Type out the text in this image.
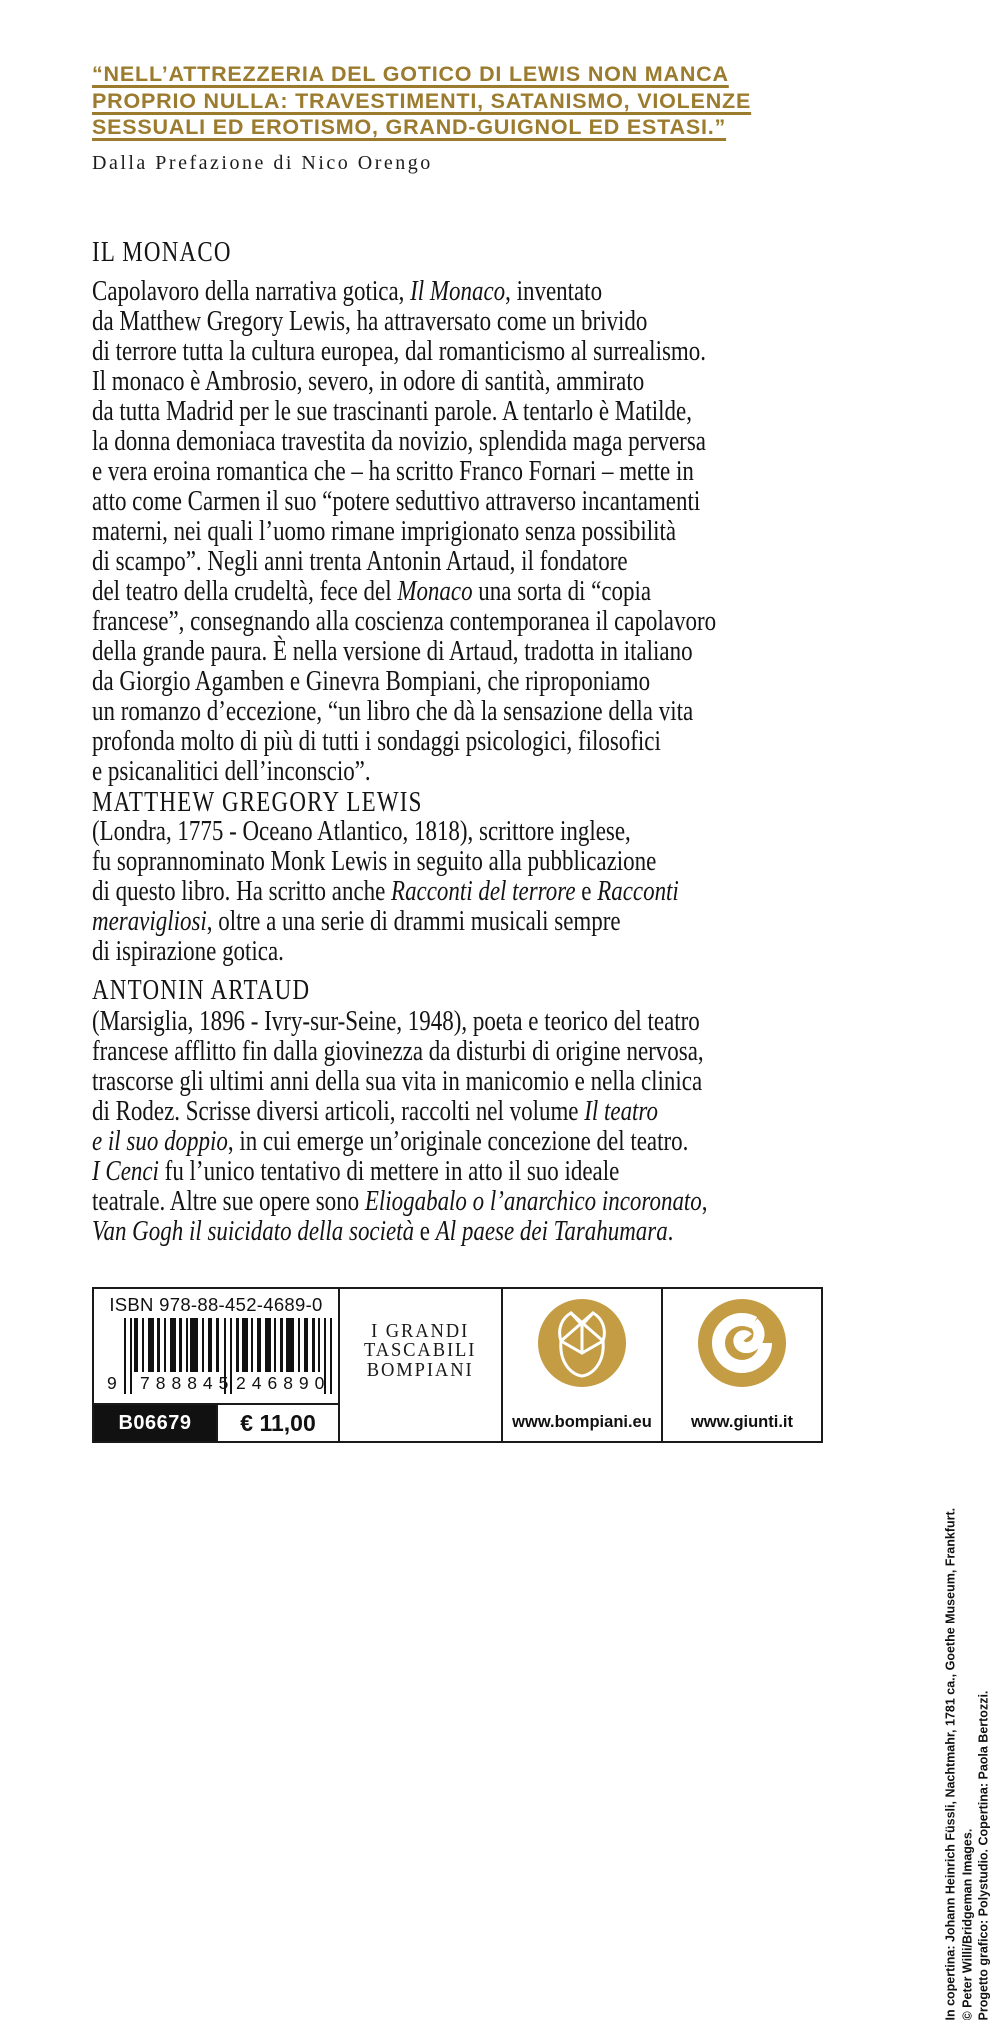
“NELL’ATTREZZERIA DEL GOTICO DI LEWIS NON MANCA
PROPRIO NULLA: TRAVESTIMENTI, SATANISMO, VIOLENZE
SESSUALI ED EROTISMO, GRAND-GUIGNOL ED ESTASI.”
Dalla Prefazione di Nico Orengo
IL MONACO
Capolavoro della narrativa gotica, Il Monaco, inventato
da Matthew Gregory Lewis, ha attraversato come un brivido
di terrore tutta la cultura europea, dal romanticismo al surrealismo.
Il monaco è Ambrosio, severo, in odore di santità, ammirato
da tutta Madrid per le sue trascinanti parole. A tentarlo è Matilde,
la donna demoniaca travestita da novizio, splendida maga perversa
e vera eroina romantica che – ha scritto Franco Fornari – mette in
atto come Carmen il suo “potere seduttivo attraverso incantamenti
materni, nei quali l’uomo rimane imprigionato senza possibilità
di scampo”. Negli anni trenta Antonin Artaud, il fondatore
del teatro della crudeltà, fece del Monaco una sorta di “copia
francese”, consegnando alla coscienza contemporanea il capolavoro
della grande paura. È nella versione di Artaud, tradotta in italiano
da Giorgio Agamben e Ginevra Bompiani, che riproponiamo
un romanzo d’eccezione, “un libro che dà la sensazione della vita
profonda molto di più di tutti i sondaggi psicologici, filosofici
e psicanalitici dell’inconscio”.
MATTHEW GREGORY LEWIS
(Londra, 1775 - Oceano Atlantico, 1818), scrittore inglese,
fu soprannominato Monk Lewis in seguito alla pubblicazione
di questo libro. Ha scritto anche Racconti del terrore e Racconti
meravigliosi, oltre a una serie di drammi musicali sempre
di ispirazione gotica.
ANTONIN ARTAUD
(Marsiglia, 1896 - Ivry-sur-Seine, 1948), poeta e teorico del teatro
francese afflitto fin dalla giovinezza da disturbi di origine nervosa,
trascorse gli ultimi anni della sua vita in manicomio e nella clinica
di Rodez. Scrisse diversi articoli, raccolti nel volume Il teatro
e il suo doppio, in cui emerge un’originale concezione del teatro.
I Cenci fu l’unico tentativo di mettere in atto il suo ideale
teatrale. Altre sue opere sono Eliogabalo o l’anarchico incoronato,
Van Gogh il suicidato della società e Al paese dei Tarahumara.
ISBN 978-88-452-4689-0
9 788845 246890
B06679	€ 11,00
I GRANDI
TASCABILI
BOMPIANI
www.bompiani.eu www.giunti.it
In copertina: Johann Heinrich Füssli, Nachtmahr, 1781 ca., Goethe Museum, Frankfurt. © Peter Willi/Bridgeman Images. Progetto grafico: Polystudio. Copertina: Paola Bertozzi.
